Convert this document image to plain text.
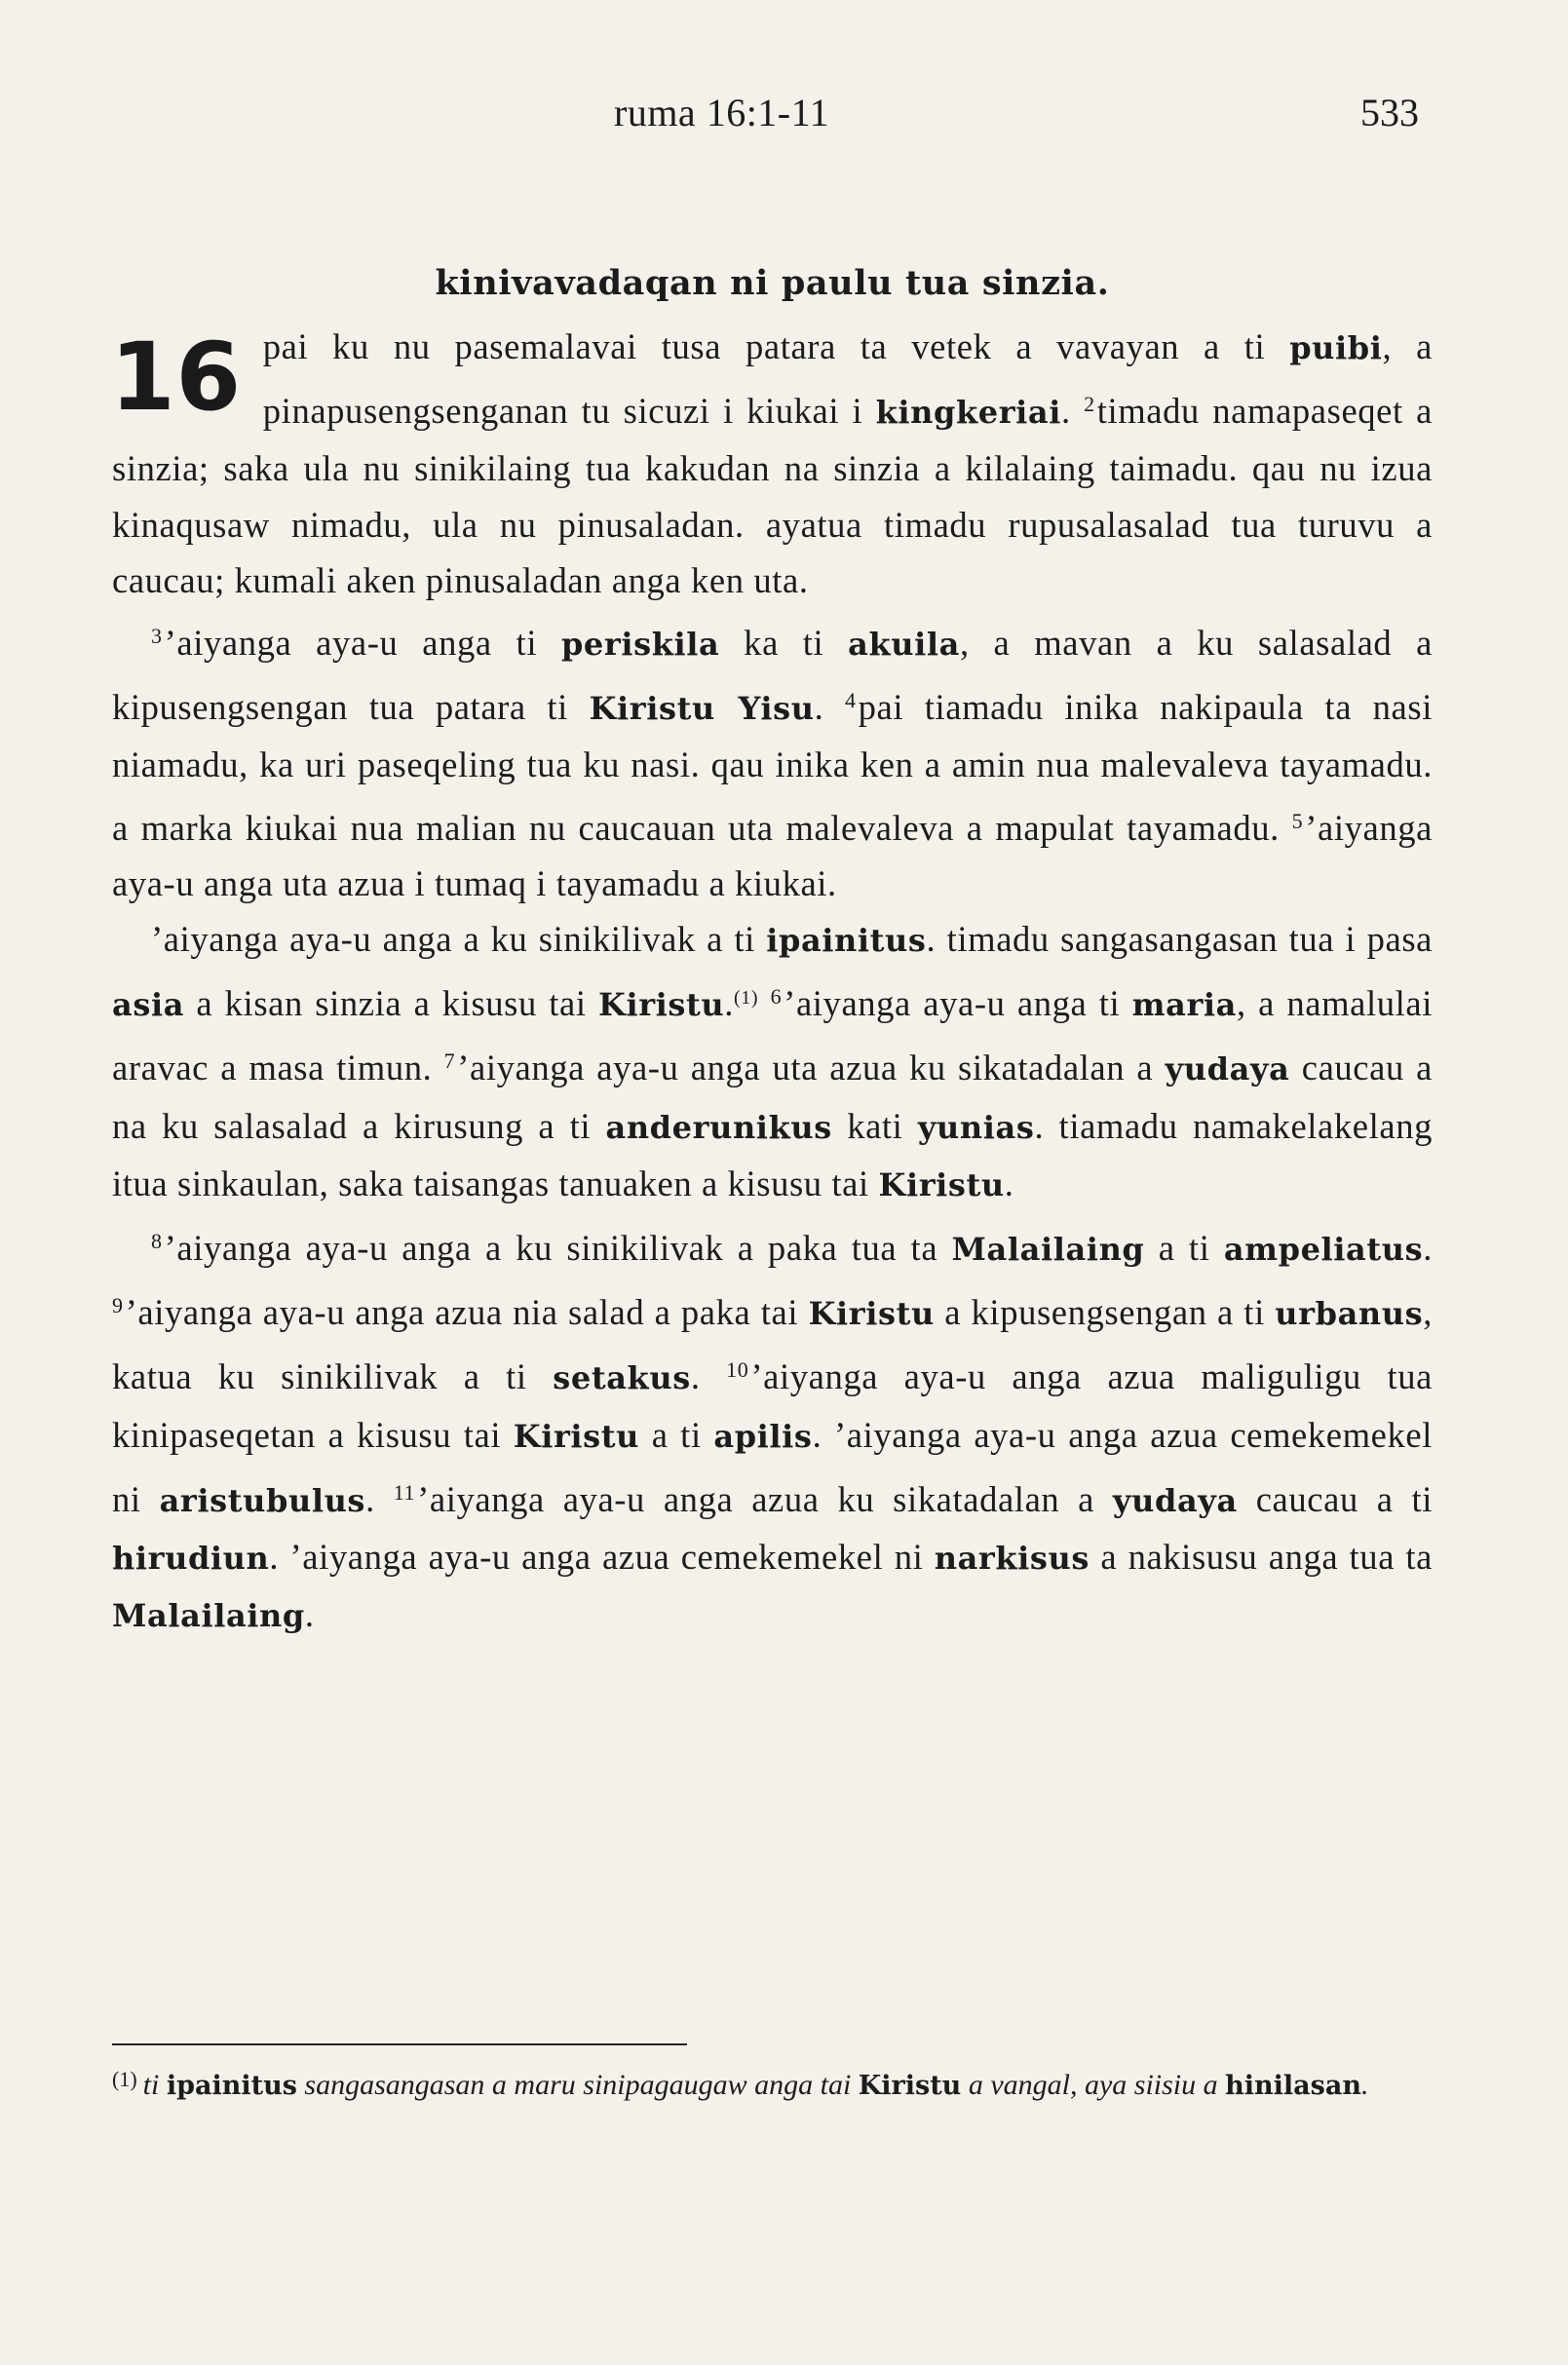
ruma 16:1-11	533
kinivavadaqan ni paulu tua sinzia.

16 pai ku nu pasemalavai tusa patara ta vetek a vavayan a ti puibi, a pinapusengsenganan tu sicuzi i kiukai i kingkeriai. $^2$timadu namapaseqet a sinzia; saka ula nu sinikilaing tua kakudan na sinzia a kilalaing taimadu. qau nu izua kinaqusaw nimadu, ula nu pinusaladan. ayatua timadu rupusalasalad tua turuvu a caucau; kumali aken pinusaladan anga ken uta.

$^3$’aiyanga aya-u anga ti periskila ka ti akuila, a mavan a ku salasalad a kipusengsengan tua patara ti Kiristu Yisu. $^4$pai tiamadu inika nakipaula ta nasi niamadu, ka uri paseqeling tua ku nasi. qau inika ken a amin nua malevaleva tayamadu. a marka kiukai nua malian nu caucauan uta malevaleva a mapulat tayamadu. $^5$’aiyanga aya-u anga uta azua i tumaq i tayamadu a kiukai.

’aiyanga aya-u anga a ku sinikilivak a ti ipainitus. timadu sangasangasan tua i pasa asia a kisan sinzia a kisusu tai Kiristu.$^{(1)}$ $^6$’aiyanga aya-u anga ti maria, a namalulai aravac a masa timun. $^7$’aiyanga aya-u anga uta azua ku sikatadalan a yudaya caucau a na ku salasalad a kirusung a ti anderunikus kati yunias. tiamadu namakelakelang itua sinkaulan, saka taisangas tanuaken a kisusu tai Kiristu.

$^8$’aiyanga aya-u anga a ku sinikilivak a paka tua ta Malailaing a ti ampeliatus. $^9$’aiyanga aya-u anga azua nia salad a paka tai Kiristu a kipusengsengan a ti urbanus, katua ku sinikilivak a ti setakus. $^{10}$’aiyanga aya-u anga azua maliguligu tua kinipaseqetan a kisusu tai Kiristu a ti apilis. ’aiyanga aya-u anga azua cemekemekel ni aristubulus. $^{11}$’aiyanga aya-u anga azua ku sikatadalan a yudaya caucau a ti hirudiun. ’aiyanga aya-u anga azua cemekemekel ni narkisus a nakisusu anga tua ta Malailaing.

$^{(1)}$ ti ipainitus sangasangasan a maru sinipagaugaw anga tai Kiristu a vangal, aya siisiu a hinilasan.
